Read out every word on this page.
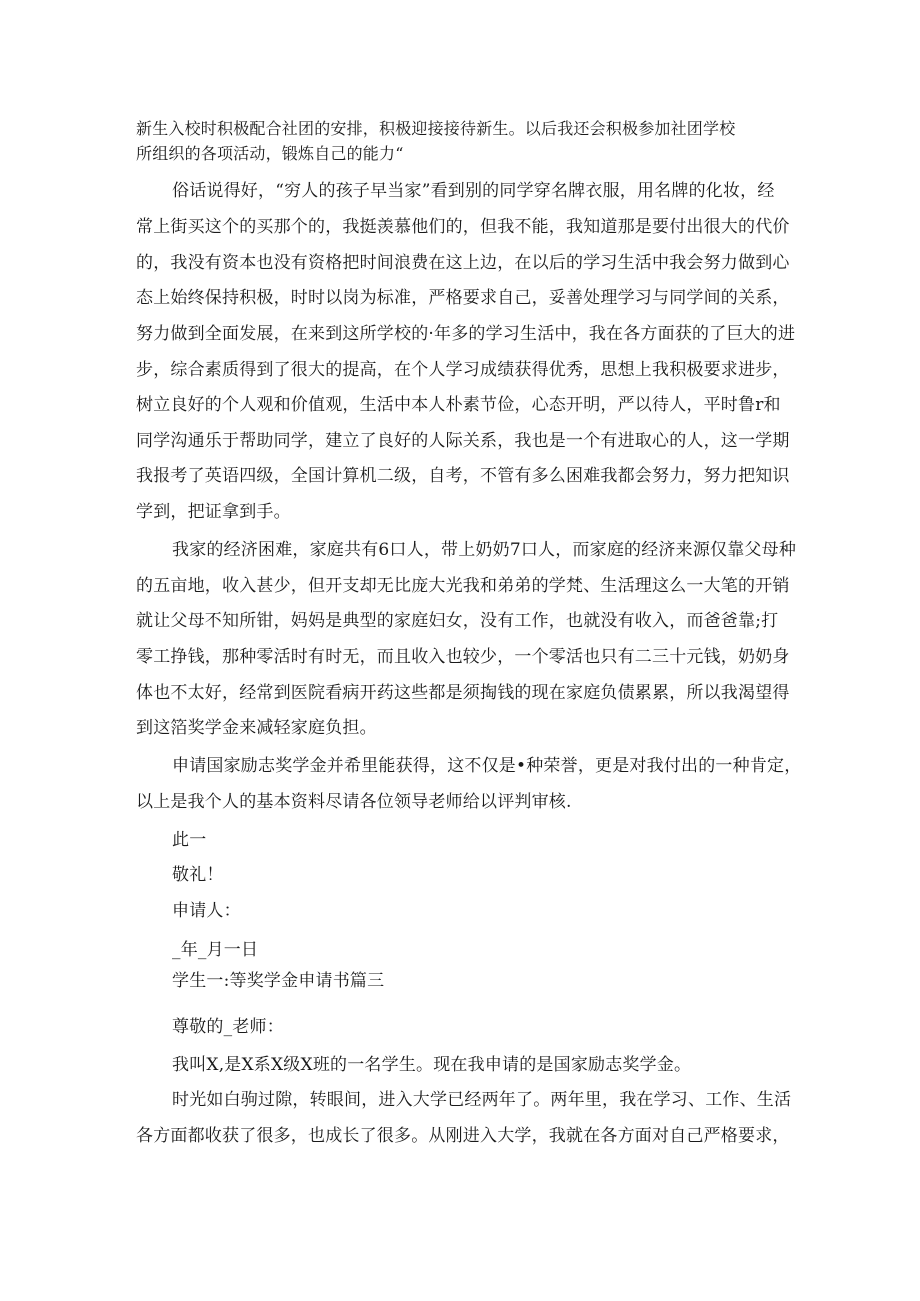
新生入校时积极配合社团的安排，积极迎接接待新生。以后我还会积极参加社团学校
所组织的各项活动，锻炼自己的能力“
俗话说得好，“穷人的孩子早当家”看到别的同学穿名牌衣服，用名牌的化妆，经
常上街买这个的买那个的，我挺羡慕他们的，但我不能，我知道那是要付出很大的代价
的，我没有资本也没有资格把时间浪费在这上边，在以后的学习生活中我会努力做到心
态上始终保持积极，时时以岗为标准，严格要求自己，妥善处理学习与同学间的关系，
努力做到全面发展，在来到这所学校的·年多的学习生活中，我在各方面获的了巨大的进
步，综合素质得到了很大的提高，在个人学习成绩获得优秀，思想上我积极要求进步，
树立良好的个人观和价值观，生活中本人朴素节俭，心态开明，严以待人，平时鲁r和
同学沟通乐于帮助同学，建立了良好的人际关系，我也是一个有进取心的人，这一学期
我报考了英语四级，全国计算机二级，自考，不管有多么困难我都会努力，努力把知识
学到，把证拿到手。
我家的经济困难，家庭共有6口人，带上奶奶7口人，而家庭的经济来源仅靠父母种
的五亩地，收入甚少，但开支却无比庞大光我和弟弟的学梵、生活理这么一大笔的开销
就让父母不知所钳，妈妈是典型的家庭妇女，没有工作，也就没有收入，而爸爸靠;打
零工挣钱，那种零活时有时无，而且收入也较少，一个零活也只有二三十元钱，奶奶身
体也不太好，经常到医院看病开药这些都是须掏钱的现在家庭负债累累，所以我渴望得
到这箔奖学金来减轻家庭负担。
申请国家励志奖学金并希里能获得，这不仅是•种荣誉，更是对我付出的一种肯定，
以上是我个人的基本资料尽请各位领导老师给以评判审核.
此一
敬礼！
申请人：
_年_月一日
学生一:等奖学金申请书篇三
尊敬的_老师：
我叫X,是X系X级X班的一名学生。现在我申请的是国家励志奖学金。
时光如白驹过隙，转眼间，进入大学已经两年了。两年里，我在学习、工作、生活
各方面都收获了很多，也成长了很多。从刚进入大学，我就在各方面对自己严格要求，
